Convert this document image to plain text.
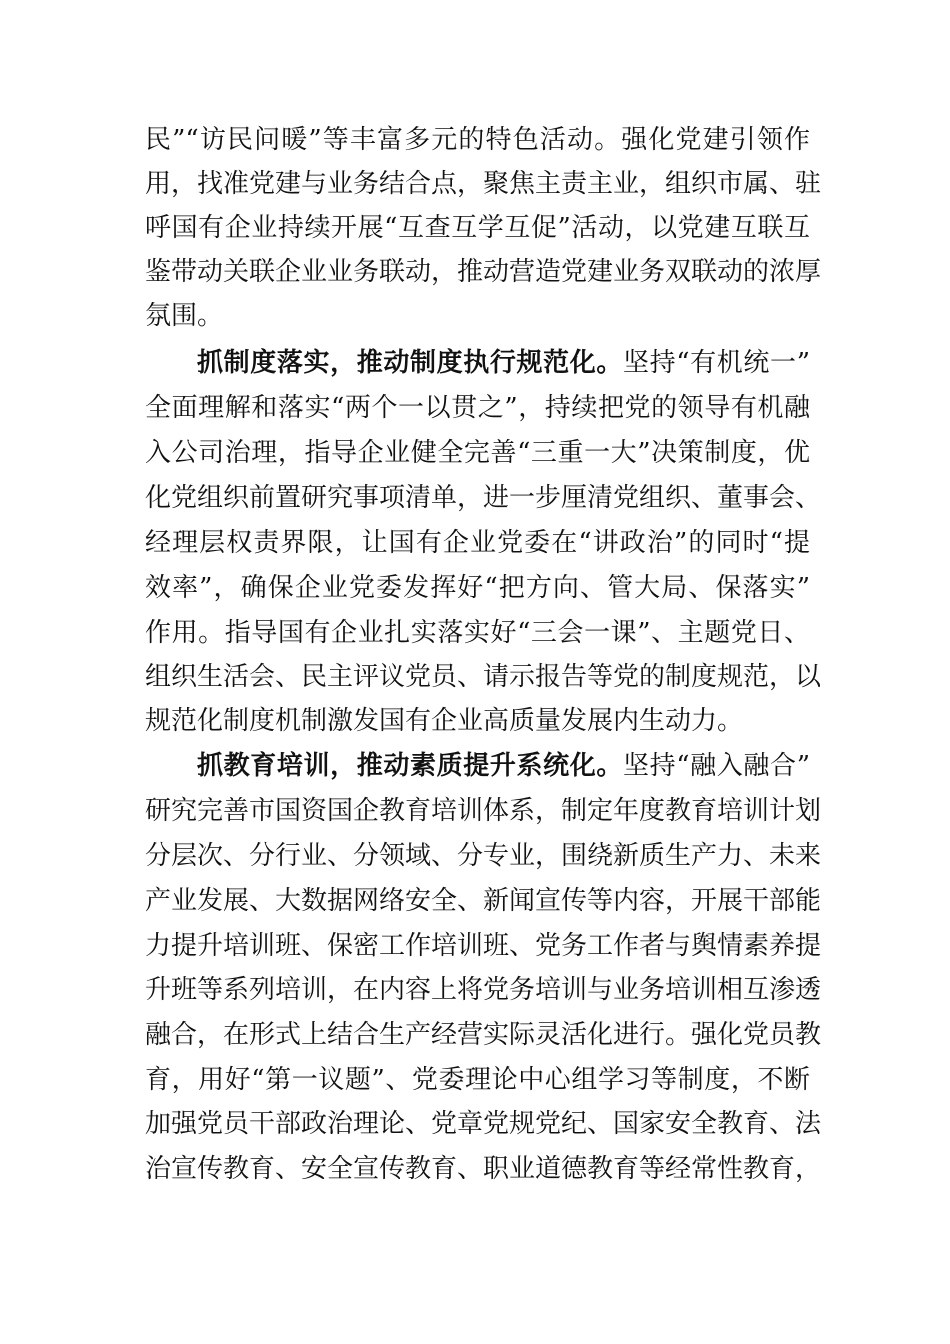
民”“访民问暖”等丰富多元的特色活动。强化党建引领作
用，找准党建与业务结合点，聚焦主责主业，组织市属、驻
呼国有企业持续开展“互查互学互促”活动，以党建互联互
鉴带动关联企业业务联动，推动营造党建业务双联动的浓厚
氛围。
抓制度落实，推动制度执行规范化。坚持“有机统一”
全面理解和落实“两个一以贯之”，持续把党的领导有机融
入公司治理，指导企业健全完善“三重一大”决策制度，优
化党组织前置研究事项清单，进一步厘清党组织、董事会、
经理层权责界限，让国有企业党委在“讲政治”的同时“提
效率”，确保企业党委发挥好“把方向、管大局、保落实”
作用。指导国有企业扎实落实好“三会一课”、主题党日、
组织生活会、民主评议党员、请示报告等党的制度规范，以
规范化制度机制激发国有企业高质量发展内生动力。
抓教育培训，推动素质提升系统化。坚持“融入融合”
研究完善市国资国企教育培训体系，制定年度教育培训计划
分层次、分行业、分领域、分专业，围绕新质生产力、未来
产业发展、大数据网络安全、新闻宣传等内容，开展干部能
力提升培训班、保密工作培训班、党务工作者与舆情素养提
升班等系列培训，在内容上将党务培训与业务培训相互渗透
融合，在形式上结合生产经营实际灵活化进行。强化党员教
育，用好“第一议题”、党委理论中心组学习等制度，不断
加强党员干部政治理论、党章党规党纪、国家安全教育、法
治宣传教育、安全宣传教育、职业道德教育等经常性教育，
